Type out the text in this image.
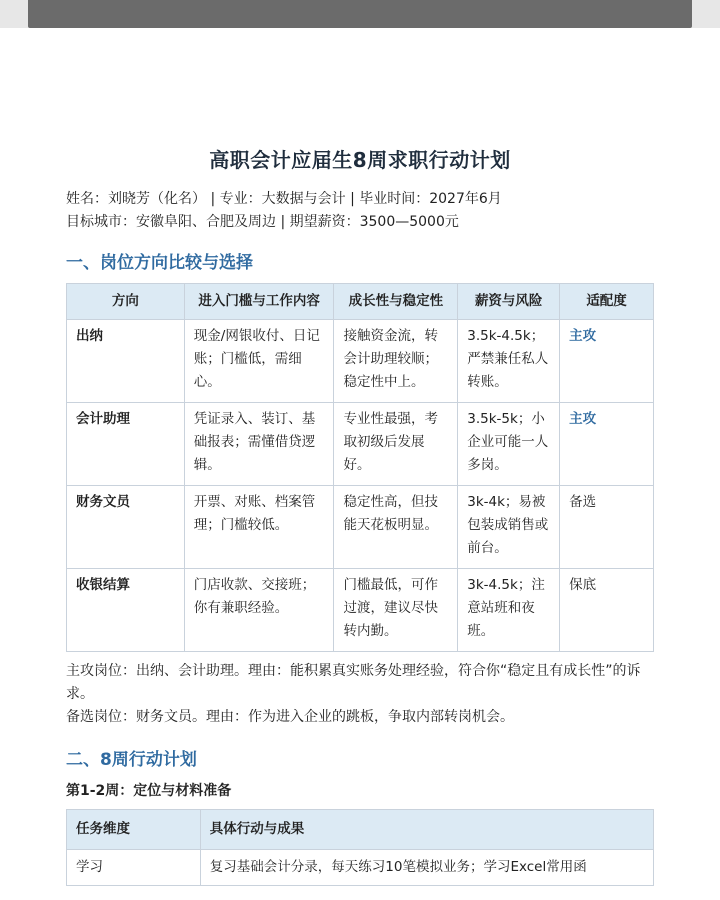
高职会计应届生8周求职行动计划
姓名：刘晓芳（化名） | 专业：大数据与会计 | 毕业时间：2027年6月
目标城市：安徽阜阳、合肥及周边 | 期望薪资：3500—5000元
一、岗位方向比较与选择
方向	进入门槛与工作内容	成长性与稳定性	薪资与风险	适配度
出纳	现金/网银收付、日记账；门槛低，需细心。	接触资金流，转会计助理较顺；稳定性中上。	3.5k-4.5k；严禁兼任私人转账。	主攻
会计助理	凭证录入、装订、基础报表；需懂借贷逻辑。	专业性最强，考取初级后发展好。	3.5k-5k；小企业可能一人多岗。	主攻
财务文员	开票、对账、档案管理；门槛较低。	稳定性高，但技能天花板明显。	3k-4k；易被包装成销售或前台。	备选
收银结算	门店收款、交接班；你有兼职经验。	门槛最低，可作过渡，建议尽快转内勤。	3k-4.5k；注意站班和夜班。	保底
主攻岗位：出纳、会计助理。理由：能积累真实账务处理经验，符合你“稳定且有成长性”的诉求。
备选岗位：财务文员。理由：作为进入企业的跳板，争取内部转岗机会。
二、8周行动计划
第1-2周：定位与材料准备
任务维度	具体行动与成果
学习	复习基础会计分录，每天练习10笔模拟业务；学习Excel常用函
